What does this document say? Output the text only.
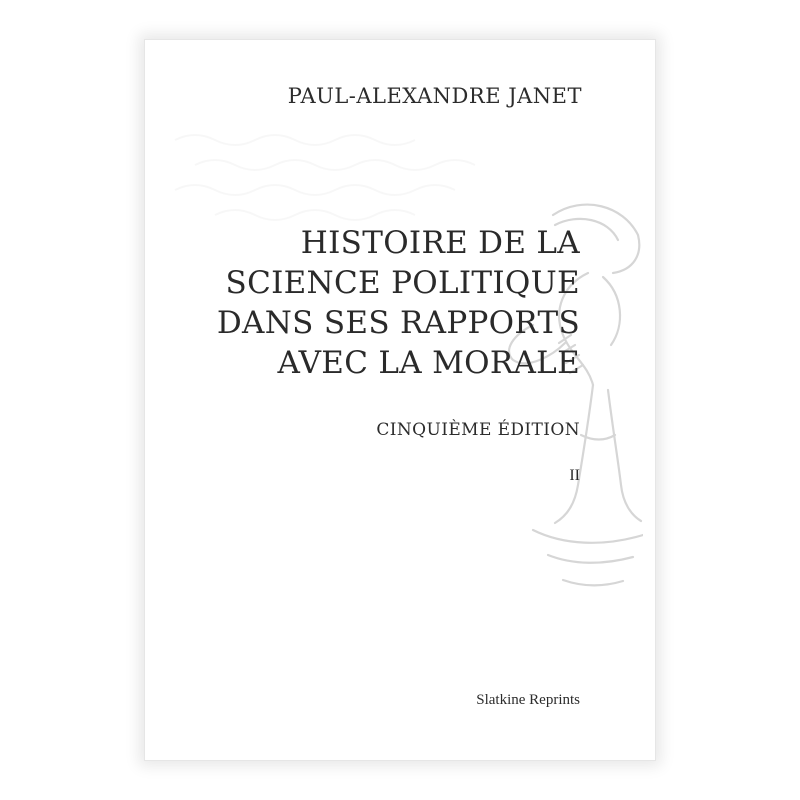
PAUL-ALEXANDRE JANET
HISTOIRE DE LA
SCIENCE POLITIQUE
DANS SES RAPPORTS
AVEC LA MORALE
CINQUIÈME ÉDITION
II
Slatkine Reprints
